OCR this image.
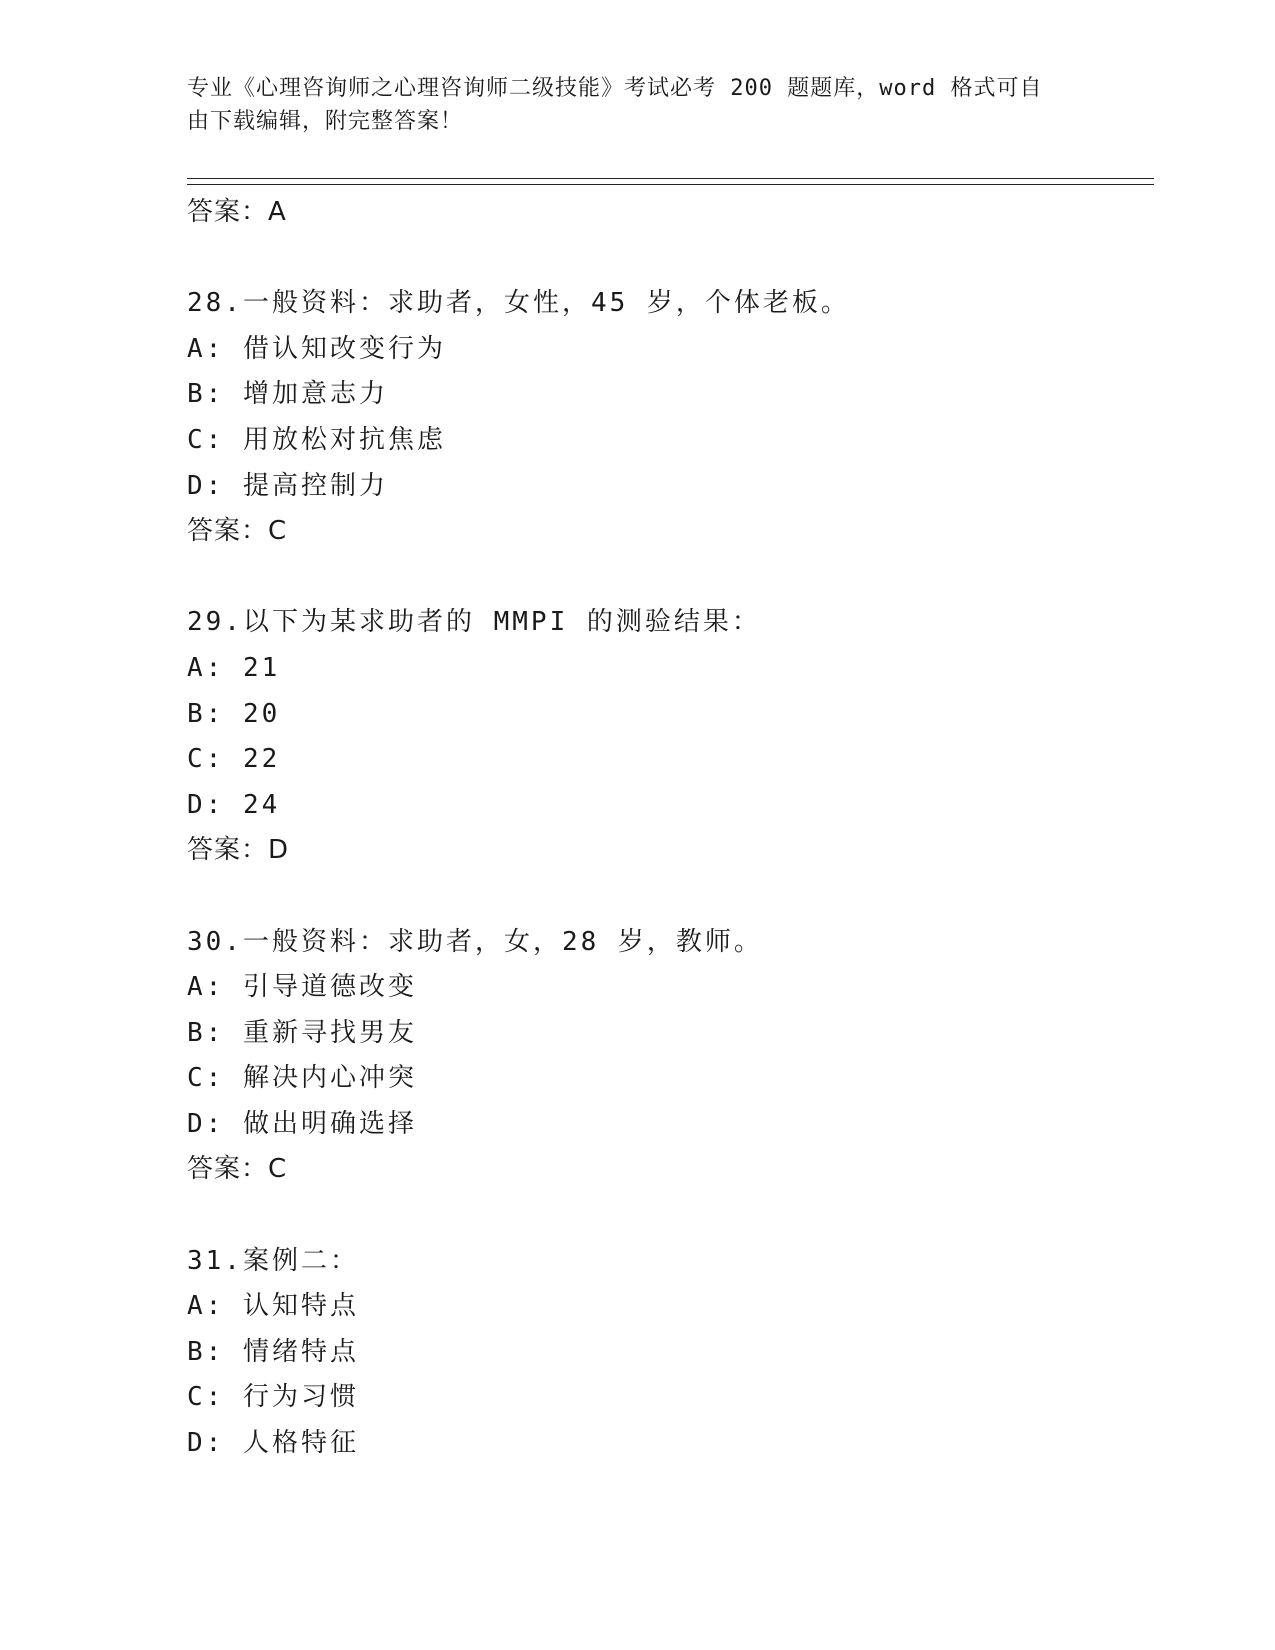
专业《心理咨询师之心理咨询师二级技能》考试必考 200 题题库，word 格式可自
由下载编辑，附完整答案！
答案：A
28.一般资料：求助者，女性，45 岁，个体老板。
A: 借认知改变行为
B: 增加意志力
C: 用放松对抗焦虑
D: 提高控制力
答案：C
29.以下为某求助者的 MMPI 的测验结果：
A: 21
B: 20
C: 22
D: 24
答案：D
30.一般资料：求助者，女，28 岁，教师。
A: 引导道德改变
B: 重新寻找男友
C: 解决内心冲突
D: 做出明确选择
答案：C
31.案例二：
A: 认知特点
B: 情绪特点
C: 行为习惯
D: 人格特征
